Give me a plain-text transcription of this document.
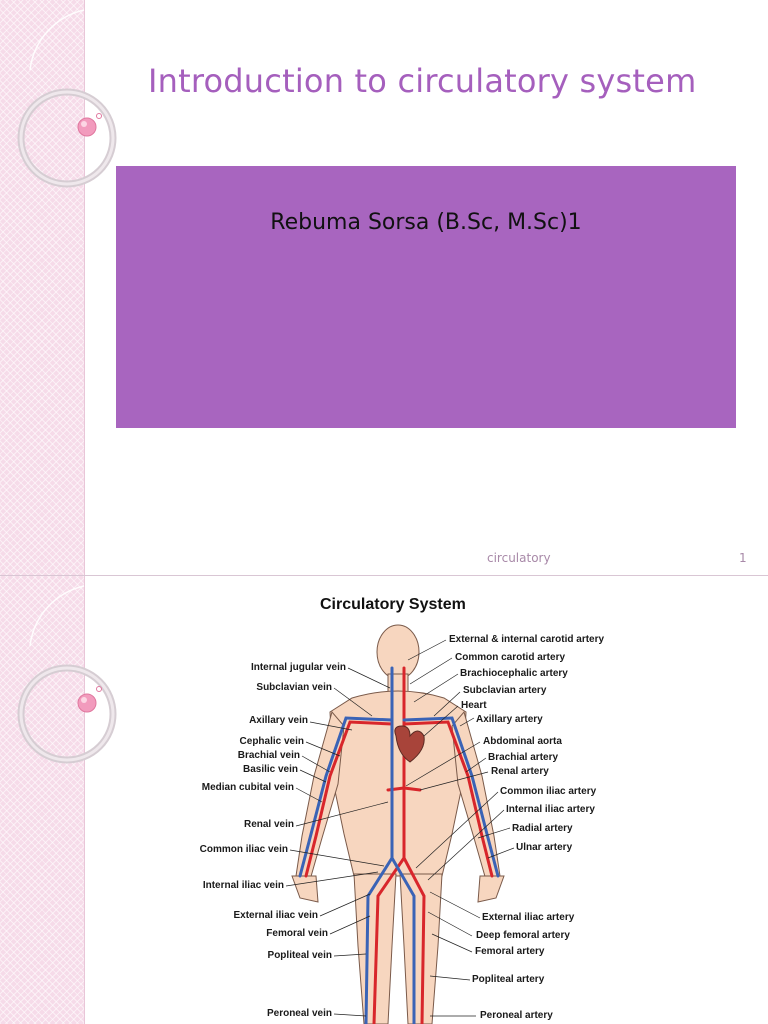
Introduction to circulatory system
Rebuma Sorsa (B.Sc, M.Sc)1
circulatory	1
Circulatory System
Internal jugular vein
Subclavian vein
Axillary vein
Cephalic vein
Brachial vein
Basilic vein
Median cubital vein
Renal vein
Common iliac vein
Internal iliac vein
External iliac vein
Femoral vein
Popliteal vein
Peroneal vein
External & internal carotid artery
Common carotid artery
Brachiocephalic artery
Subclavian artery
Heart
Axillary artery
Abdominal aorta
Brachial artery
Renal artery
Common iliac artery
Internal iliac artery
Radial artery
Ulnar artery
External iliac artery
Deep femoral artery
Femoral artery
Popliteal artery
Peroneal artery
